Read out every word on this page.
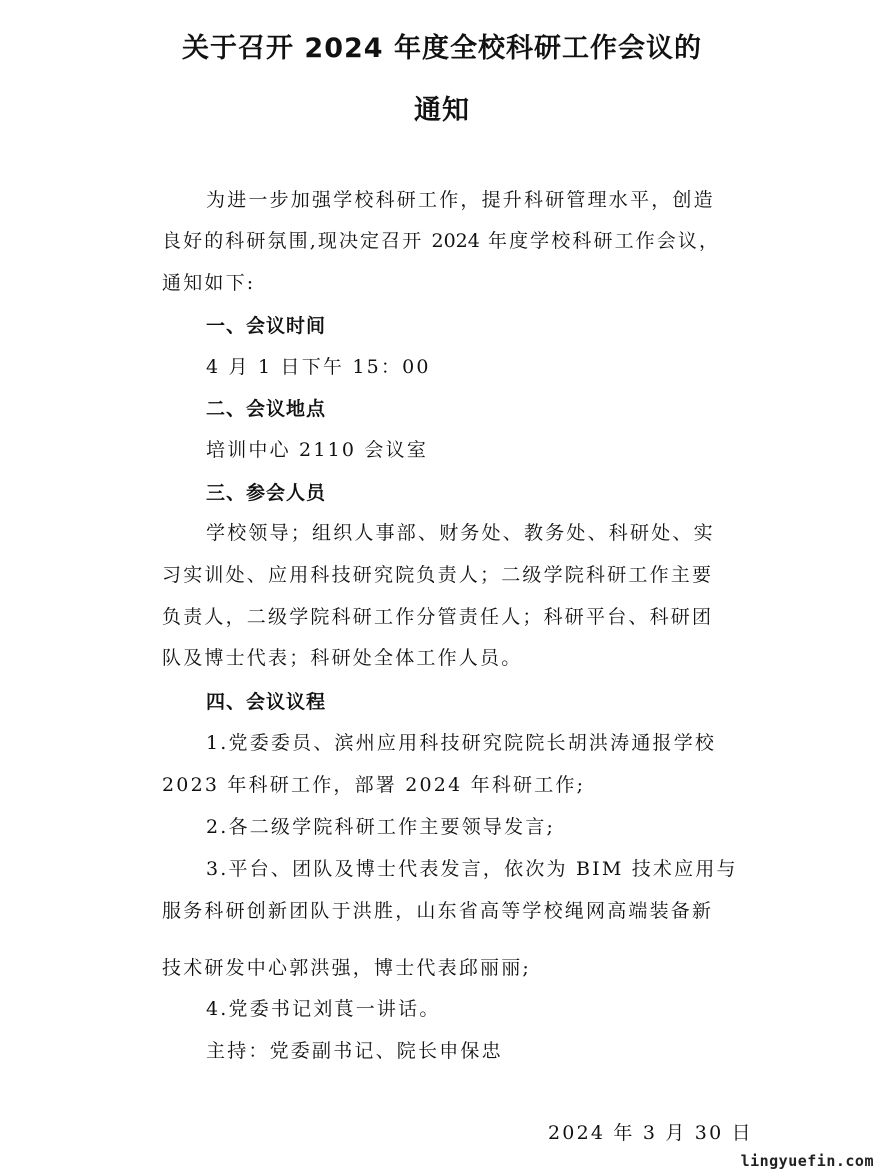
关于召开 2024 年度全校科研工作会议的
通知

为进一步加强学校科研工作，提升科研管理水平，创造

良好的科研氛围,现决定召开 2024 年度学校科研工作会议，

通知如下:

一、会议时间

4 月 1 日下午 15：00

二、会议地点

培训中心 2110 会议室

三、参会人员

学校领导；组织人事部、财务处、教务处、科研处、实

习实训处、应用科技研究院负责人；二级学院科研工作主要

负责人，二级学院科研工作分管责任人；科研平台、科研团

队及博士代表；科研处全体工作人员。

四、会议议程

1.党委委员、滨州应用科技研究院院长胡洪涛通报学校

2023 年科研工作，部署 2024 年科研工作;

2.各二级学院科研工作主要领导发言;

3.平台、团队及博士代表发言，依次为 BIM 技术应用与

服务科研创新团队于洪胜，山东省高等学校绳网高端装备新

技术研发中心郭洪强，博士代表邱丽丽;

4.党委书记刘茛一讲话。

主持：党委副书记、院长申保忠

2024 年 3 月 30 日

lingyuefin.com
